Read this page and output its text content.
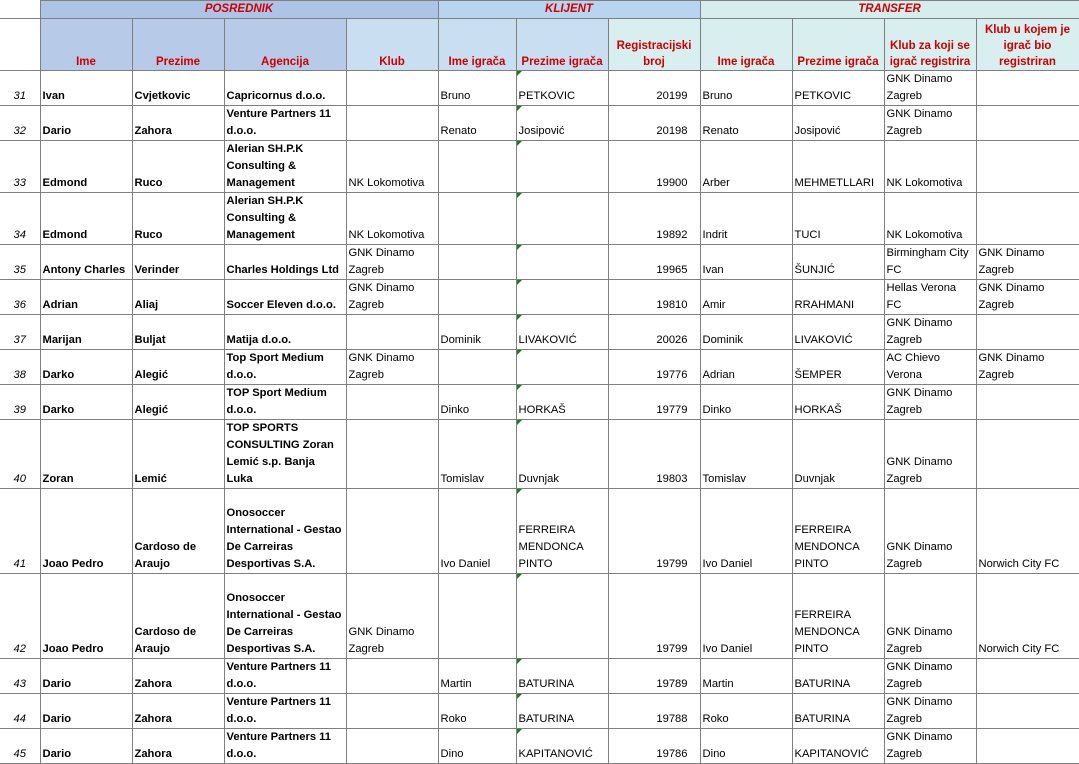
	POSREDNIK				KLIJENT			TRANSFER			
	Ime	Prezime	Agencija	Klub	Ime igrača	Prezime igrača	Registracijski broj	Ime igrača	Prezime igrača	Klub za koji se igrač registrira	Klub u kojem je igrač bio registriran
31	Ivan	Cvjetkovic	Capricornus d.o.o.		Bruno	PETKOVIC	20199	Bruno	PETKOVIC	GNK Dinamo Zagreb	
32	Dario	Zahora	Venture Partners 11 d.o.o.		Renato	Josipović	20198	Renato	Josipović	GNK Dinamo Zagreb	
33	Edmond	Ruco	Alerian SH.P.K Consulting & Management	NK Lokomotiva			19900	Arber	MEHMETLLARI	NK Lokomotiva	
34	Edmond	Ruco	Alerian SH.P.K Consulting & Management	NK Lokomotiva			19892	Indrit	TUCI	NK Lokomotiva	
35	Antony Charles	Verinder	Charles Holdings Ltd	GNK Dinamo Zagreb			19965	Ivan	ŠUNJIĆ	Birmingham City FC	GNK Dinamo Zagreb
36	Adrian	Aliaj	Soccer Eleven d.o.o.	GNK Dinamo Zagreb			19810	Amir	RRAHMANI	Hellas Verona FC	GNK Dinamo Zagreb
37	Marijan	Buljat	Matija d.o.o.		Dominik	LIVAKOVIĆ	20026	Dominik	LIVAKOVIĆ	GNK Dinamo Zagreb	
38	Darko	Alegić	Top Sport Medium d.o.o.	GNK Dinamo Zagreb			19776	Adrian	ŠEMPER	AC Chievo Verona	GNK Dinamo Zagreb
39	Darko	Alegić	TOP Sport Medium d.o.o.		Dinko	HORKAŠ	19779	Dinko	HORKAŠ	GNK Dinamo Zagreb	
40	Zoran	Lemić	TOP SPORTS CONSULTING Zoran Lemić s.p. Banja Luka		Tomislav	Duvnjak	19803	Tomislav	Duvnjak	GNK Dinamo Zagreb	
41	Joao Pedro	Cardoso de Araujo	Onosoccer International - Gestao De Carreiras Desportivas S.A.		Ivo Daniel	FERREIRA MENDONCA PINTO	19799	Ivo Daniel	FERREIRA MENDONCA PINTO	GNK Dinamo Zagreb	Norwich City FC
42	Joao Pedro	Cardoso de Araujo	Onosoccer International - Gestao De Carreiras Desportivas S.A.	GNK Dinamo Zagreb			19799	Ivo Daniel	FERREIRA MENDONCA PINTO	GNK Dinamo Zagreb	Norwich City FC
43	Dario	Zahora	Venture Partners 11 d.o.o.		Martin	BATURINA	19789	Martin	BATURINA	GNK Dinamo Zagreb	
44	Dario	Zahora	Venture Partners 11 d.o.o.		Roko	BATURINA	19788	Roko	BATURINA	GNK Dinamo Zagreb	
45	Dario	Zahora	Venture Partners 11 d.o.o.		Dino	KAPITANOVIĆ	19786	Dino	KAPITANOVIĆ	GNK Dinamo Zagreb	
